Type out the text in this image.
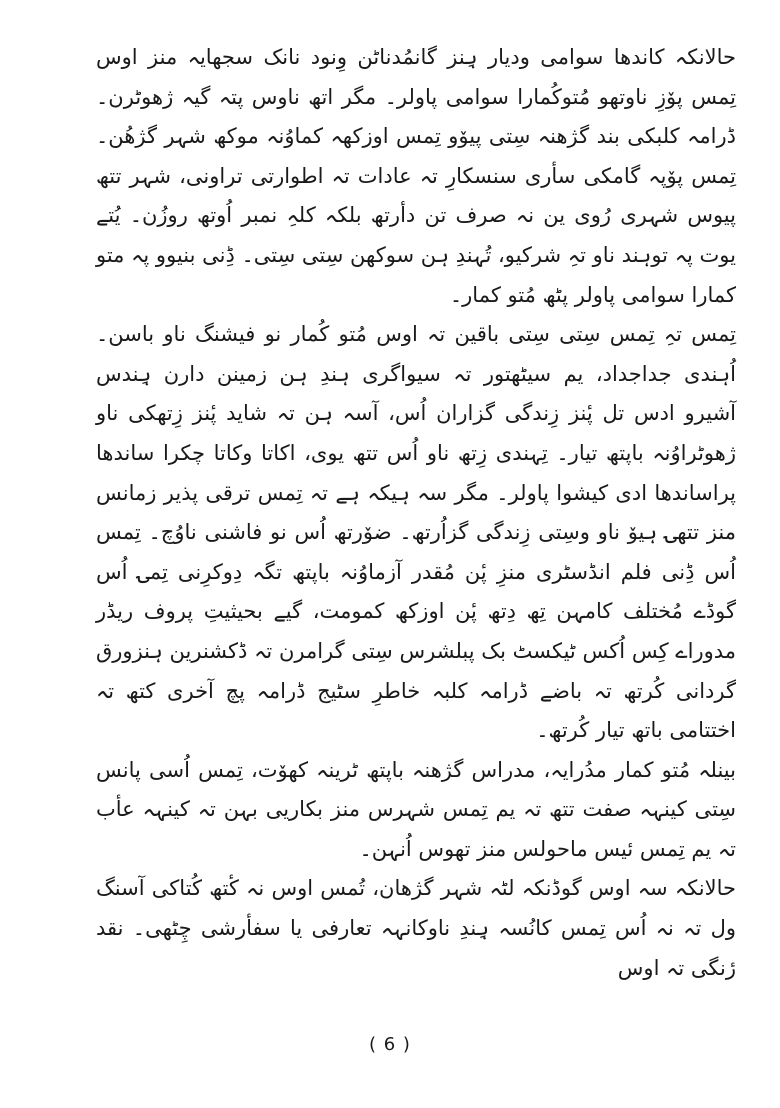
حالانکہ کاندھا سوامی ودیار ہِنز گانمُدناٹن وِنود نانک سجھایہ منز اوس تِمس پۆزِ ناوتھو مُتوکُمارا سوامی پاولر۔ مگر اتھ ناوس پتہ گیہ ژھوٹرن۔ ڈرامہ کلبکی بند گژھنہ سِتی پیۆو تِمس اوزکھہ کماوُنہ موکھ شہر گژھُن۔ تِمس پۆپہ گامکی سأری سنسکارِ تہ عادات تہ اطوارتی تراونی، شہر تتھ پیوس شہری رُوی ین نہ صرف تن دأرتھ بلکہ کلہِ نمبر اُوتھ روزُن۔ یُتے یوت پہ توہند ناو تہِ شرکیو، تُہندِ ہن سوکھن سِتی سِتی۔ ڈِنی بنیوو پہ متو کمارا سوامی پاولر پٹھ مُتو کمار۔

تِمس تہِ تِمس سِتی سِتی باقین تہ اوس مُتو کُمار نو فیشنگ ناو باسن۔ اُہندی جداجداد، یم سیٹھتور تہ سیواگری ہندِ ہن زمینن دارن ہِندس آشیرو ادس تل پٔنز زِندگی گزاران اُس، آسہ ہن تہ شاید پٔنز زِتھکی ناو ژھوٹراوُنہ باپتھ تیار۔ تِہندی زِتھ ناو اُس تتھ یوی، اکاتا وکاتا چکرا ساندھا پراساندھا ادی کیشوا پاولر۔ مگر سہ ہیکہ ہے تہ تِمس ترقی پذیر زمانس منز تتھۍ ہیۆ ناو وسِتی زِندگی گزاُرتھ۔ ضۆرتھ اُس نو فاشنی ناوُچ۔ تِمس اُس ڈِنی فلم انڈسٹری منزِ پٔن مُقدر آزماوُنہ باپتھ تگہ دِوکرِنی تِمۍ اُس گوڈے مُختلف کامہن تِھ دِتھ پٔن اوزکھ کمومت، گیے بحیثیتِ پروف ریڈر مدوراے کِس اُکس ٹیکسٹ بک پبلشرس سِتی گرامرن تہ ڈکشنرین ہنزورق گردانی کُرتھ تہ باضے ڈرامہ کلبہ خاطرِ سٹیج ڈرامہ پچ آخری کتھ تہ اختتامی باتھ تیار کُرتھ۔

بینلہ مُتو کمار مدُرایہ، مدراس گژھنہ باپتھ ٹرینہ کھۆت، تِمس اُسی پانس سِتی کینہہ صفت تتھ تہ یم تِمس شہرس منز بکاریی بہن تہ کینہہ عأب تہ یم تِمس ئیس ماحولس منز تھوس اُنہن۔

حالانکہ سہ اوس گوڈنکہ لٹہ شہر گژھان، تُمس اوس نہ کٔتھ کُتاکی آسنگ ول تہ نہ اُس تِمس کانُسہ ہِندِ ناوکانہہ تعارفی یا سفأرشی چِٹھی۔ نقد رٔنگی تہ اوس

( 6 )
